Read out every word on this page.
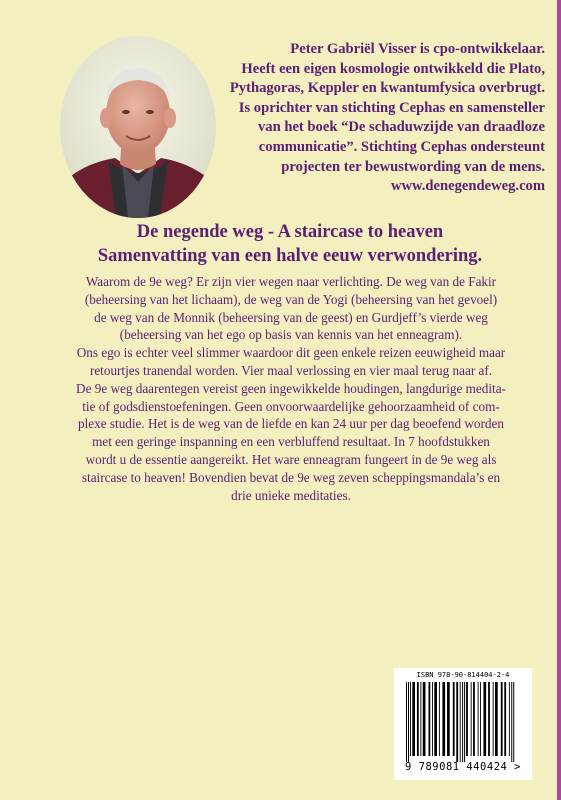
Peter Gabriël Visser is cpo-ontwikkelaar.

Heeft een eigen kosmologie ontwikkeld die Plato,

Pythagoras, Keppler en kwantumfysica overbrugt.

Is oprichter van stichting Cephas en samensteller

van het boek “De schaduwzijde van draadloze

communicatie”. Stichting Cephas ondersteunt

projecten ter bewustwording van de mens.

www.denegendeweg.com

De negende weg - A staircase to heaven

Samenvatting van een halve eeuw verwondering.

Waarom de 9e weg? Er zijn vier wegen naar verlichting. De weg van de Fakir

(beheersing van het lichaam), de weg van de Yogi (beheersing van het gevoel)

de weg van de Monnik (beheersing van de geest) en Gurdjeff’s vierde weg

(beheersing van het ego op basis van kennis van het enneagram).

Ons ego is echter veel slimmer waardoor dit geen enkele reizen eeuwigheid maar

retourtjes tranendal worden. Vier maal verlossing en vier maal terug naar af.

De 9e weg daarentegen vereist geen ingewikkelde houdingen, langdurige medita-

tie of godsdienstoefeningen. Geen onvoorwaardelijke gehoorzaamheid of com-

plexe studie. Het is de weg van de liefde en kan 24 uur per dag beoefend worden

met een geringe inspanning en een verbluffend resultaat. In 7 hoofdstukken

wordt u de essentie aangereikt. Het ware enneagram fungeert in de 9e weg als

staircase to heaven! Bovendien bevat de 9e weg zeven scheppingsmandala’s en

drie unieke meditaties.

ISBN 978-90-814404-2-4
9 789081 440424 >
